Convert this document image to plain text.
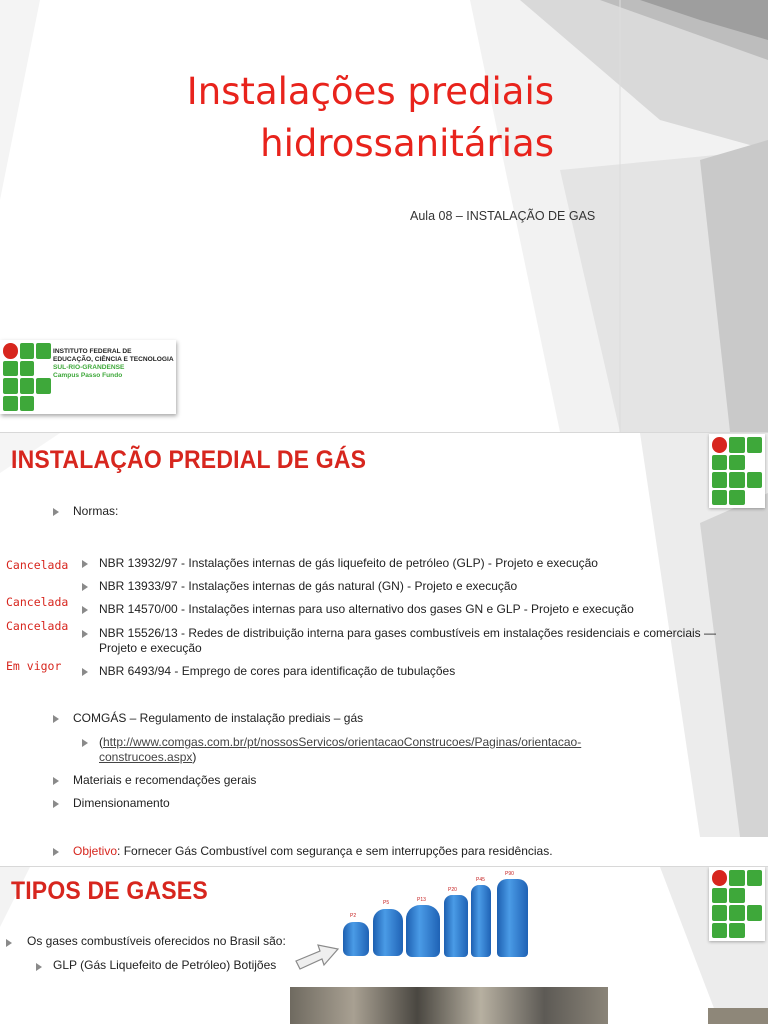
Instalações prediais
hidrossanitárias
Aula 08 – INSTALAÇÃO DE GAS
INSTITUTO FEDERAL DE
EDUCAÇÃO, CIÊNCIA E TECNOLOGIA
SUL-RIO-GRANDENSE
Campus Passo Fundo
INSTALAÇÃO PREDIAL DE GÁS
Normas:
Cancelada	NBR 13932/97 - Instalações internas de gás liquefeito de petróleo (GLP) - Projeto e execução
NBR 13933/97 - Instalações internas de gás natural (GN) - Projeto e execução
Cancelada	NBR 14570/00 - Instalações internas para uso alternativo dos gases GN e GLP - Projeto e execução
Cancelada	NBR 15526/13 - Redes de distribuição interna para gases combustíveis em instalações residenciais e comerciais — Projeto e execução
Em vigor	NBR 6493/94 - Emprego de cores para identificação de tubulações
COMGÁS – Regulamento de instalação prediais – gás
(http://www.comgas.com.br/pt/nossosServicos/orientacaoConstrucoes/Paginas/orientacao-construcoes.aspx)
Materiais e recomendações gerais
Dimensionamento
Objetivo: Fornecer Gás Combustível com segurança e sem interrupções para residências.
TIPOS DE GASES
P2
P5	P13
P20
P45
P90
Os gases combustíveis oferecidos no Brasil são:
GLP (Gás Liquefeito de Petróleo) Botijões
